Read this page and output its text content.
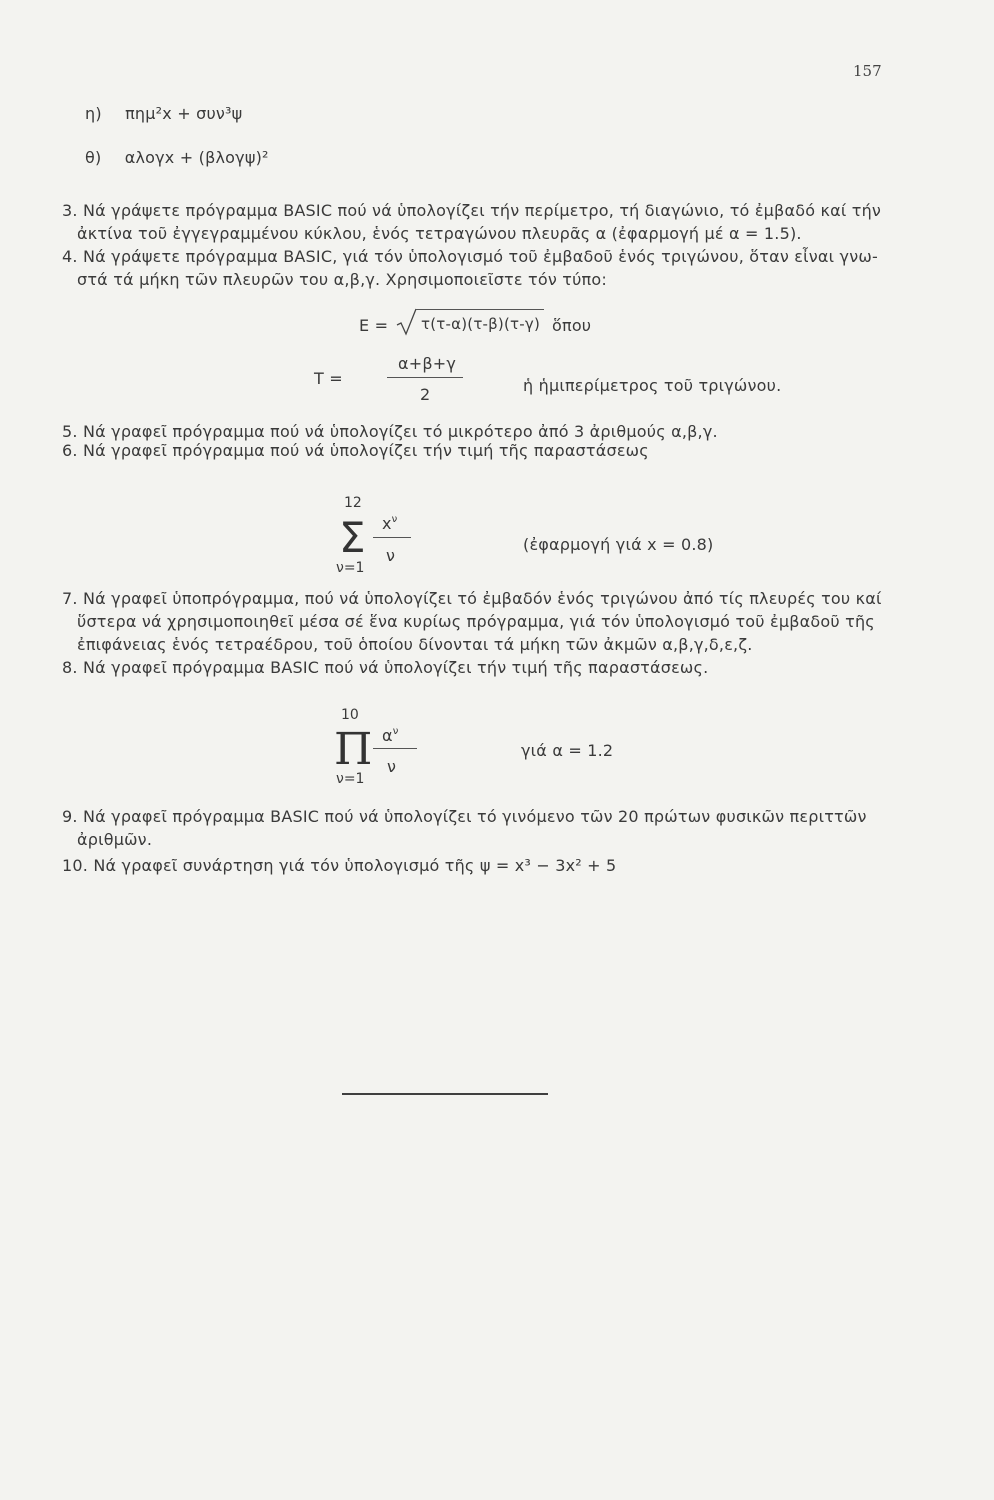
157
η) πημ²x + συν³ψ
θ) αλογx + (βλογψ)²
3. Νά γράψετε πρόγραμμα BASIC πού νά ὑπολογίζει τήν περίμετρο, τή διαγώνιο, τό ἐμβαδό καί τήν
ἀκτίνα τοῦ ἐγγεγραμμένου κύκλου, ἑνός τετραγώνου πλευρᾶς α (ἐφαρμογή μέ α = 1.5).
4. Νά γράψετε πρόγραμμα BASIC, γιά τόν ὑπολογισμό τοῦ ἐμβαδοῦ ἑνός τριγώνου, ὅταν εἶναι γνω-
στά τά μήκη τῶν πλευρῶν του α,β,γ. Χρησιμοποιεῖστε τόν τύπο:
E = τ(τ-α)(τ-β)(τ-γ) ὅπου
T =
α+β+γ
2	ἡ ἡμιπερίμετρος τοῦ τριγώνου.
5. Νά γραφεῖ πρόγραμμα πού νά ὑπολογίζει τό μικρότερο ἀπό 3 ἀριθμούς α,β,γ.
6. Νά γραφεῖ πρόγραμμα πού νά ὑπολογίζει τήν τιμή τῆς παραστάσεως
12
Σ
ν=1
$x^\nu$
ν
(ἐφαρμογή γιά x = 0.8)
7. Νά γραφεῖ ὑποπρόγραμμα, πού νά ὑπολογίζει τό ἐμβαδόν ἑνός τριγώνου ἀπό τίς πλευρές του καί
ὕστερα νά χρησιμοποιηθεῖ μέσα σέ ἕνα κυρίως πρόγραμμα, γιά τόν ὑπολογισμό τοῦ ἐμβαδοῦ τῆς
ἐπιφάνειας ἑνός τετραέδρου, τοῦ ὁποίου δίνονται τά μήκη τῶν ἀκμῶν α,β,γ,δ,ε,ζ.
8. Νά γραφεῖ πρόγραμμα BASIC πού νά ὑπολογίζει τήν τιμή τῆς παραστάσεως.
10
Π
ν=1
$\alpha^\nu$
ν
γιά α = 1.2
9. Νά γραφεῖ πρόγραμμα BASIC πού νά ὑπολογίζει τό γινόμενο τῶν 20 πρώτων φυσικῶν περιττῶν
ἀριθμῶν.
10. Νά γραφεῖ συνάρτηση γιά τόν ὑπολογισμό τῆς ψ = x³ − 3x² + 5
